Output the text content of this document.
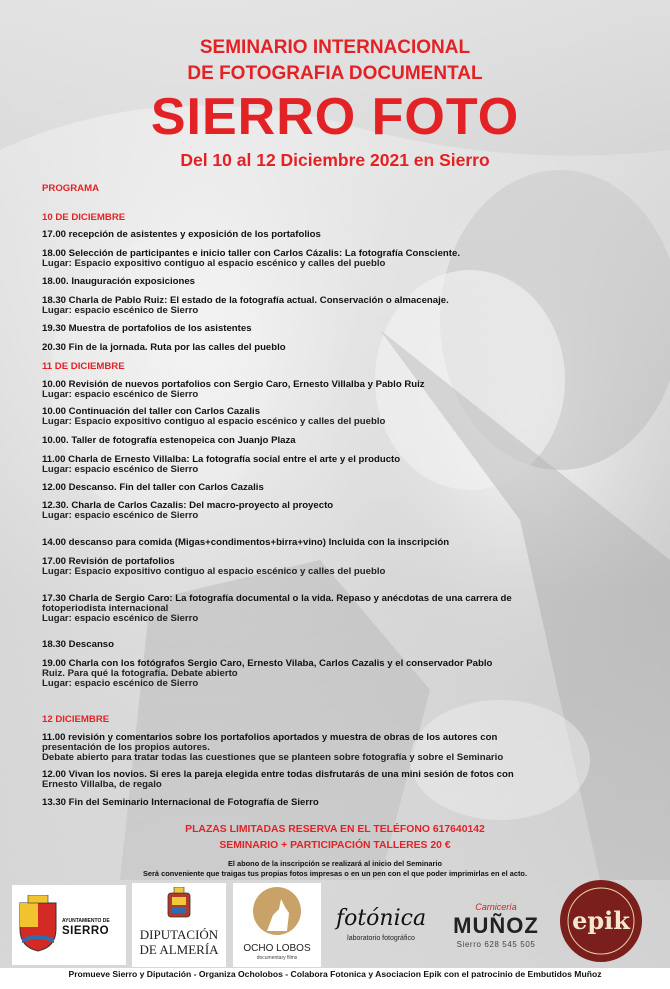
SEMINARIO INTERNACIONAL
DE FOTOGRAFIA DOCUMENTAL
SIERRO FOTO
Del 10 al 12 Diciembre 2021 en Sierro
PROGRAMA
10 DE DICIEMBRE
17.00 recepción de asistentes y exposición de los portafolios
18.00 Selección de participantes e inicio taller con Carlos Cázalis: La fotografía Consciente.
Lugar: Espacio expositivo contiguo al espacio escénico y calles del pueblo
18.00. Inauguración exposiciones
18.30 Charla de Pablo Ruiz: El estado de la fotografía actual. Conservación o almacenaje.
Lugar: espacio escénico de Sierro
19.30 Muestra de portafolios de los asistentes
20.30 Fin de la jornada. Ruta por las calles del pueblo
11 DE DICIEMBRE
10.00 Revisión de nuevos portafolios con Sergio Caro, Ernesto Villalba y Pablo Ruiz
Lugar: espacio escénico de Sierro
10.00 Continuación del taller con Carlos Cazalis
Lugar: Espacio expositivo contiguo al espacio escénico y calles del pueblo
10.00. Taller de fotografía estenopeica con Juanjo Plaza
11.00 Charla de Ernesto Villalba: La fotografía social entre el arte y el producto
Lugar: espacio escénico de Sierro
12.00 Descanso. Fin del taller con Carlos Cazalis
12.30. Charla de Carlos Cazalis: Del macro-proyecto al proyecto
Lugar: espacio escénico de Sierro
14.00 descanso para comida (Migas+condimentos+birra+vino) Incluida con la inscripción
17.00 Revisión de portafolios
Lugar: Espacio expositivo contiguo al espacio escénico y calles del pueblo
17.30 Charla de Sergio Caro: La fotografía documental o la vida. Repaso y anécdotas de una carrera de
fotoperiodista internacional
Lugar: espacio escénico de Sierro
18.30 Descanso
19.00 Charla con los fotógrafos Sergio Caro, Ernesto Vilaba, Carlos Cazalis y el conservador Pablo
Ruiz. Para qué la fotografía. Debate abierto
Lugar: espacio escénico de Sierro
12 DICIEMBRE
11.00 revisión y comentarios sobre los portafolios aportados y muestra de obras de los autores con
presentación de los propios autores.
Debate abierto para tratar todas las cuestiones que se planteen sobre fotografía y sobre el Seminario
12.00 Vivan los novios. Si eres la pareja elegida entre todas disfrutarás de una mini sesión de fotos con
Ernesto Villalba, de regalo
13.30 Fin del Seminario Internacional de Fotografía de Sierro
PLAZAS LIMITADAS RESERVA EN EL TELÉFONO 617640142
SEMINARIO + PARTICIPACIÓN TALLERES 20 €
El abono de la inscripción se realizará al inicio del Seminario
Será conveniente que traigas tus propias fotos impresas o en un pen con el que poder imprimirlas en el acto.
AYUNTAMIENTO DE
SIERRO	DIPUTACIÓN
DE ALMERÍA	OCHO LOBOS
documentary films
fotónica
laboratorio fotográfico
Carnicería
MUÑOZ
Sierro 628 545 505
epik
Promueve Sierro y Diputación - Organiza Ocholobos - Colabora Fotonica y Asociacion Epik con el patrocinio de Embutidos Muñoz
